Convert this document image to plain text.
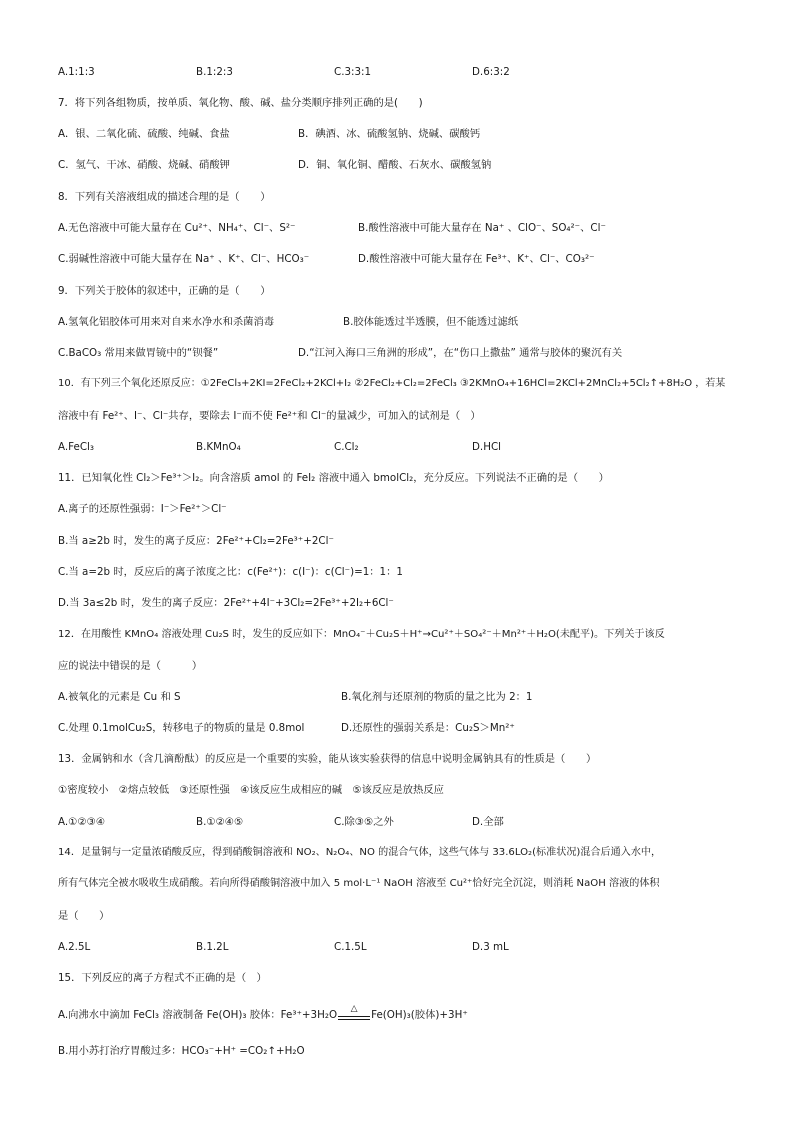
A.1:1:3	B.1:2:3	C.3:3:1	D.6:3:2
7．将下列各组物质，按单质、氧化物、酸、碱、盐分类顺序排列正确的是(　　)
A．银、二氧化硫、硫酸、纯碱、食盐	B．碘酒、冰、硫酸氢钠、烧碱、碳酸钙
C．氢气、干冰、硝酸、烧碱、硝酸钾	D．铜、氧化铜、醋酸、石灰水、碳酸氢钠
8．下列有关溶液组成的描述合理的是（　　）
A.无色溶液中可能大量存在 Cu²⁺、NH₄⁺、Cl⁻、S²⁻	B.酸性溶液中可能大量存在 Na⁺ 、ClO⁻、SO₄²⁻、Cl⁻
C.弱碱性溶液中可能大量存在 Na⁺ 、K⁺、Cl⁻、HCO₃⁻	D.酸性溶液中可能大量存在 Fe³⁺、K⁺、Cl⁻、CO₃²⁻
9．下列关于胶体的叙述中，正确的是（　　）
A.氢氧化铝胶体可用来对自来水净水和杀菌消毒	B.胶体能透过半透膜，但不能透过滤纸
C.BaCO₃ 常用来做胃镜中的“钡餐”	D.“江河入海口三角洲的形成”，在“伤口上撒盐” 通常与胶体的聚沉有关
10．有下列三个氧化还原反应：①2FeCl₃+2KI=2FeCl₂+2KCl+I₂ ②2FeCl₂+Cl₂=2FeCl₃ ③2KMnO₄+16HCl=2KCl+2MnCl₂+5Cl₂↑+8H₂O ，若某
溶液中有 Fe²⁺、I⁻、Cl⁻共存，要除去 I⁻而不使 Fe²⁺和 Cl⁻的量减少，可加入的试剂是（　）
A.FeCl₃	B.KMnO₄	C.Cl₂	D.HCl
11．已知氧化性 Cl₂＞Fe³⁺＞I₂。向含溶质 amol 的 FeI₂ 溶液中通入 bmolCl₂，充分反应。下列说法不正确的是（　　）
A.离子的还原性强弱：I⁻＞Fe²⁺＞Cl⁻
B.当 a≥2b 时，发生的离子反应：2Fe²⁺+Cl₂=2Fe³⁺+2Cl⁻
C.当 a=2b 时，反应后的离子浓度之比：c(Fe²⁺)：c(I⁻)：c(Cl⁻)=1：1：1
D.当 3a≤2b 时，发生的离子反应：2Fe²⁺+4I⁻+3Cl₂=2Fe³⁺+2I₂+6Cl⁻
12．在用酸性 KMnO₄ 溶液处理 Cu₂S 时，发生的反应如下：MnO₄⁻＋Cu₂S＋H⁺→Cu²⁺＋SO₄²⁻＋Mn²⁺＋H₂O(未配平)。下列关于该反
应的说法中错误的是（　　　）
A.被氧化的元素是 Cu 和 S	B.氧化剂与还原剂的物质的量之比为 2：1
C.处理 0.1molCu₂S，转移电子的物质的量是 0.8mol	D.还原性的强弱关系是：Cu₂S＞Mn²⁺
13．金属钠和水（含几滴酚酞）的反应是一个重要的实验，能从该实验获得的信息中说明金属钠具有的性质是（　　）
①密度较小　②熔点较低　③还原性强　④该反应生成相应的碱　⑤该反应是放热反应
A.①②③④	B.①②④⑤	C.除③⑤之外	D.全部
14．足量铜与一定量浓硝酸反应，得到硝酸铜溶液和 NO₂、N₂O₄、NO 的混合气体，这些气体与 33.6LO₂(标准状况)混合后通入水中，
所有气体完全被水吸收生成硝酸。若向所得硝酸铜溶液中加入 5 mol·L⁻¹ NaOH 溶液至 Cu²⁺恰好完全沉淀，则消耗 NaOH 溶液的体积
是（　　）
A.2.5L	B.1.2L	C.1.5L	D.3 mL
15．下列反应的离子方程式不正确的是（　）
A.向沸水中滴加 FeCl₃ 溶液制备 Fe(OH)₃ 胶体：Fe³⁺+3H₂O	△	Fe(OH)₃(胶体)+3H⁺
B.用小苏打治疗胃酸过多：HCO₃⁻+H⁺ =CO₂↑+H₂O
